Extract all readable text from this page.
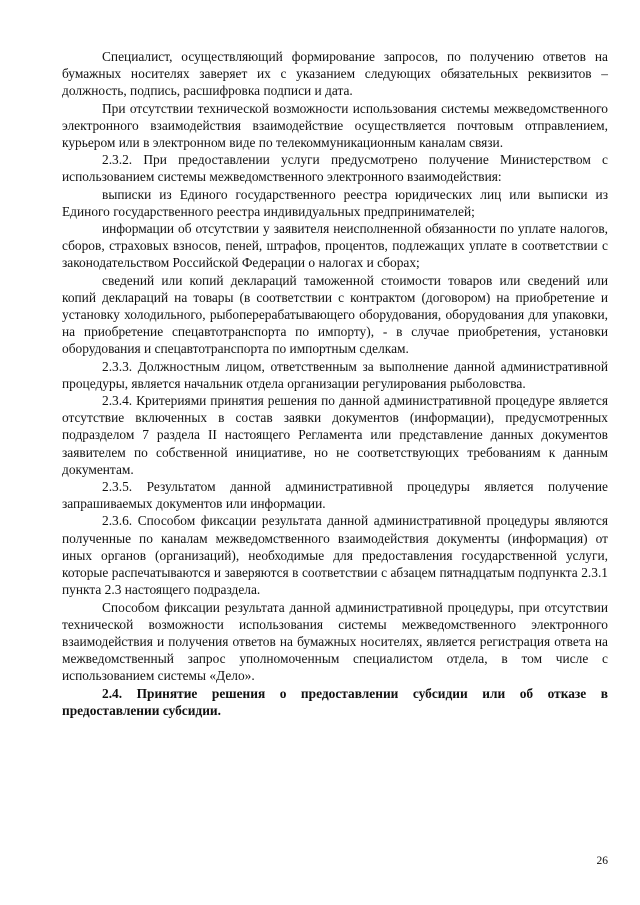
Специалист, осуществляющий формирование запросов, по получению ответов на бумажных носителях заверяет их с указанием следующих обязательных реквизитов – должность, подпись, расшифровка подписи и дата.

При отсутствии технической возможности использования системы межведомственного электронного взаимодействия взаимодействие осуществляется почтовым отправлением, курьером или в электронном виде по телекоммуникационным каналам связи.

2.3.2. При предоставлении услуги предусмотрено получение Министерством с использованием системы межведомственного электронного взаимодействия:

выписки из Единого государственного реестра юридических лиц или выписки из Единого государственного реестра индивидуальных предпринимателей;

информации об отсутствии у заявителя неисполненной обязанности по уплате налогов, сборов, страховых взносов, пеней, штрафов, процентов, подлежащих уплате в соответствии с законодательством Российской Федерации о налогах и сборах;

сведений или копий деклараций таможенной стоимости товаров или сведений или копий деклараций на товары (в соответствии с контрактом (договором) на приобретение и установку холодильного, рыбоперерабатывающего оборудования, оборудования для упаковки, на приобретение спецавтотранспорта по импорту), - в случае приобретения, установки оборудования и спецавтотранспорта по импортным сделкам.

2.3.3. Должностным лицом, ответственным за выполнение данной административной процедуры, является начальник отдела организации регулирования рыболовства.

2.3.4. Критериями принятия решения по данной административной процедуре является отсутствие включенных в состав заявки документов (информации), предусмотренных подразделом 7 раздела II настоящего Регламента или представление данных документов заявителем по собственной инициативе, но не соответствующих требованиям к данным документам.

2.3.5. Результатом данной административной процедуры является получение запрашиваемых документов или информации.

2.3.6. Способом фиксации результата данной административной процедуры являются полученные по каналам межведомственного взаимодействия документы (информация) от иных органов (организаций), необходимые для предоставления государственной услуги, которые распечатываются и заверяются в соответствии с абзацем пятнадцатым подпункта 2.3.1 пункта 2.3 настоящего подраздела.

Способом фиксации результата данной административной процедуры, при отсутствии технической возможности использования системы межведомственного электронного взаимодействия и получения ответов на бумажных носителях, является регистрация ответа на межведомственный запрос уполномоченным специалистом отдела, в том числе с использованием системы «Дело».

2.4. Принятие решения о предоставлении субсидии или об отказе в предоставлении субсидии.

26
